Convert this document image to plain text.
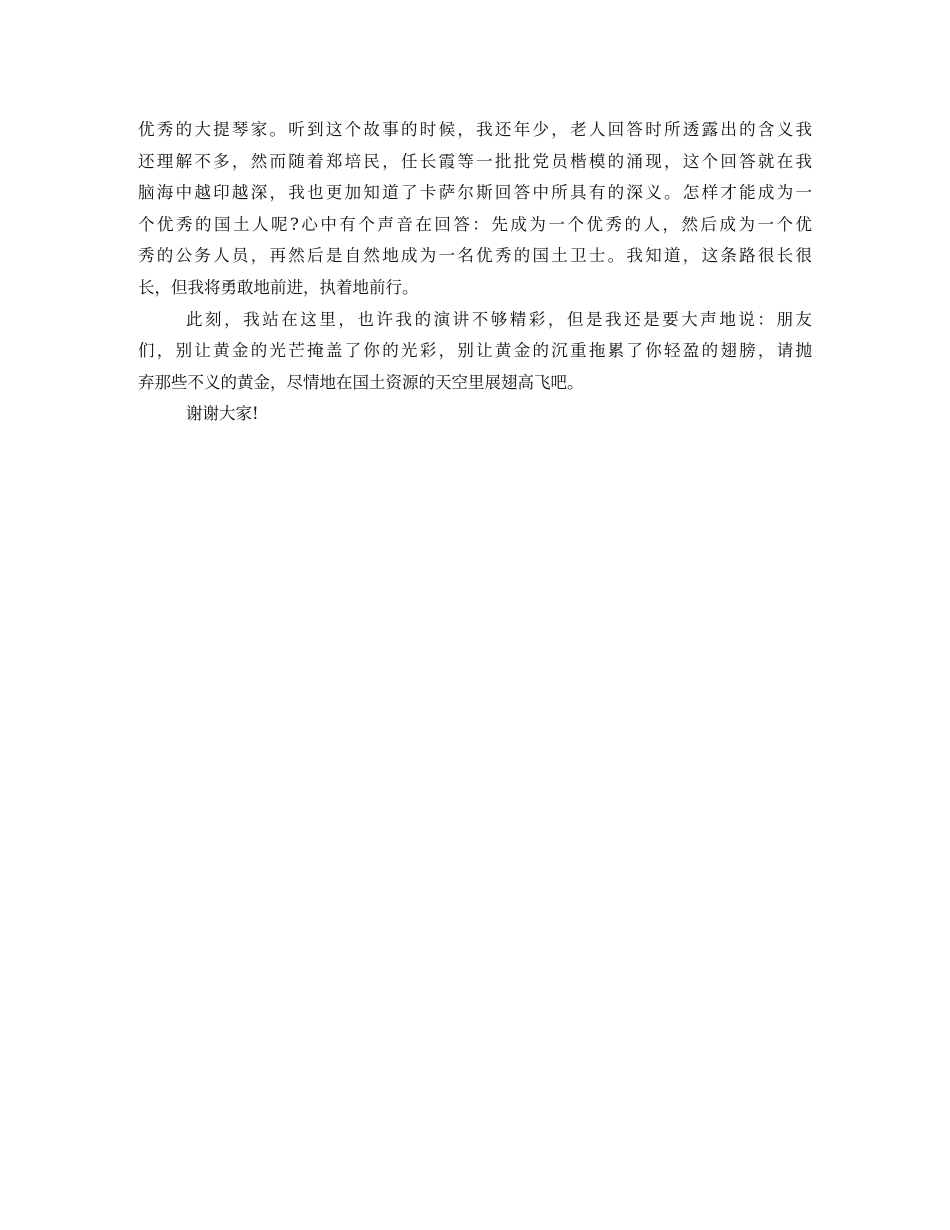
优秀的大提琴家。听到这个故事的时候，我还年少，老人回答时所透露出的含义我
还理解不多，然而随着郑培民，任长霞等一批批党员楷模的涌现，这个回答就在我
脑海中越印越深，我也更加知道了卡萨尔斯回答中所具有的深义。怎样才能成为一
个优秀的国土人呢?心中有个声音在回答：先成为一个优秀的人，然后成为一个优
秀的公务人员，再然后是自然地成为一名优秀的国土卫士。我知道，这条路很长很
长，但我将勇敢地前进，执着地前行。
此刻，我站在这里，也许我的演讲不够精彩，但是我还是要大声地说：朋友
们，别让黄金的光芒掩盖了你的光彩，别让黄金的沉重拖累了你轻盈的翅膀，请抛
弃那些不义的黄金，尽情地在国土资源的天空里展翅高飞吧。
谢谢大家!
